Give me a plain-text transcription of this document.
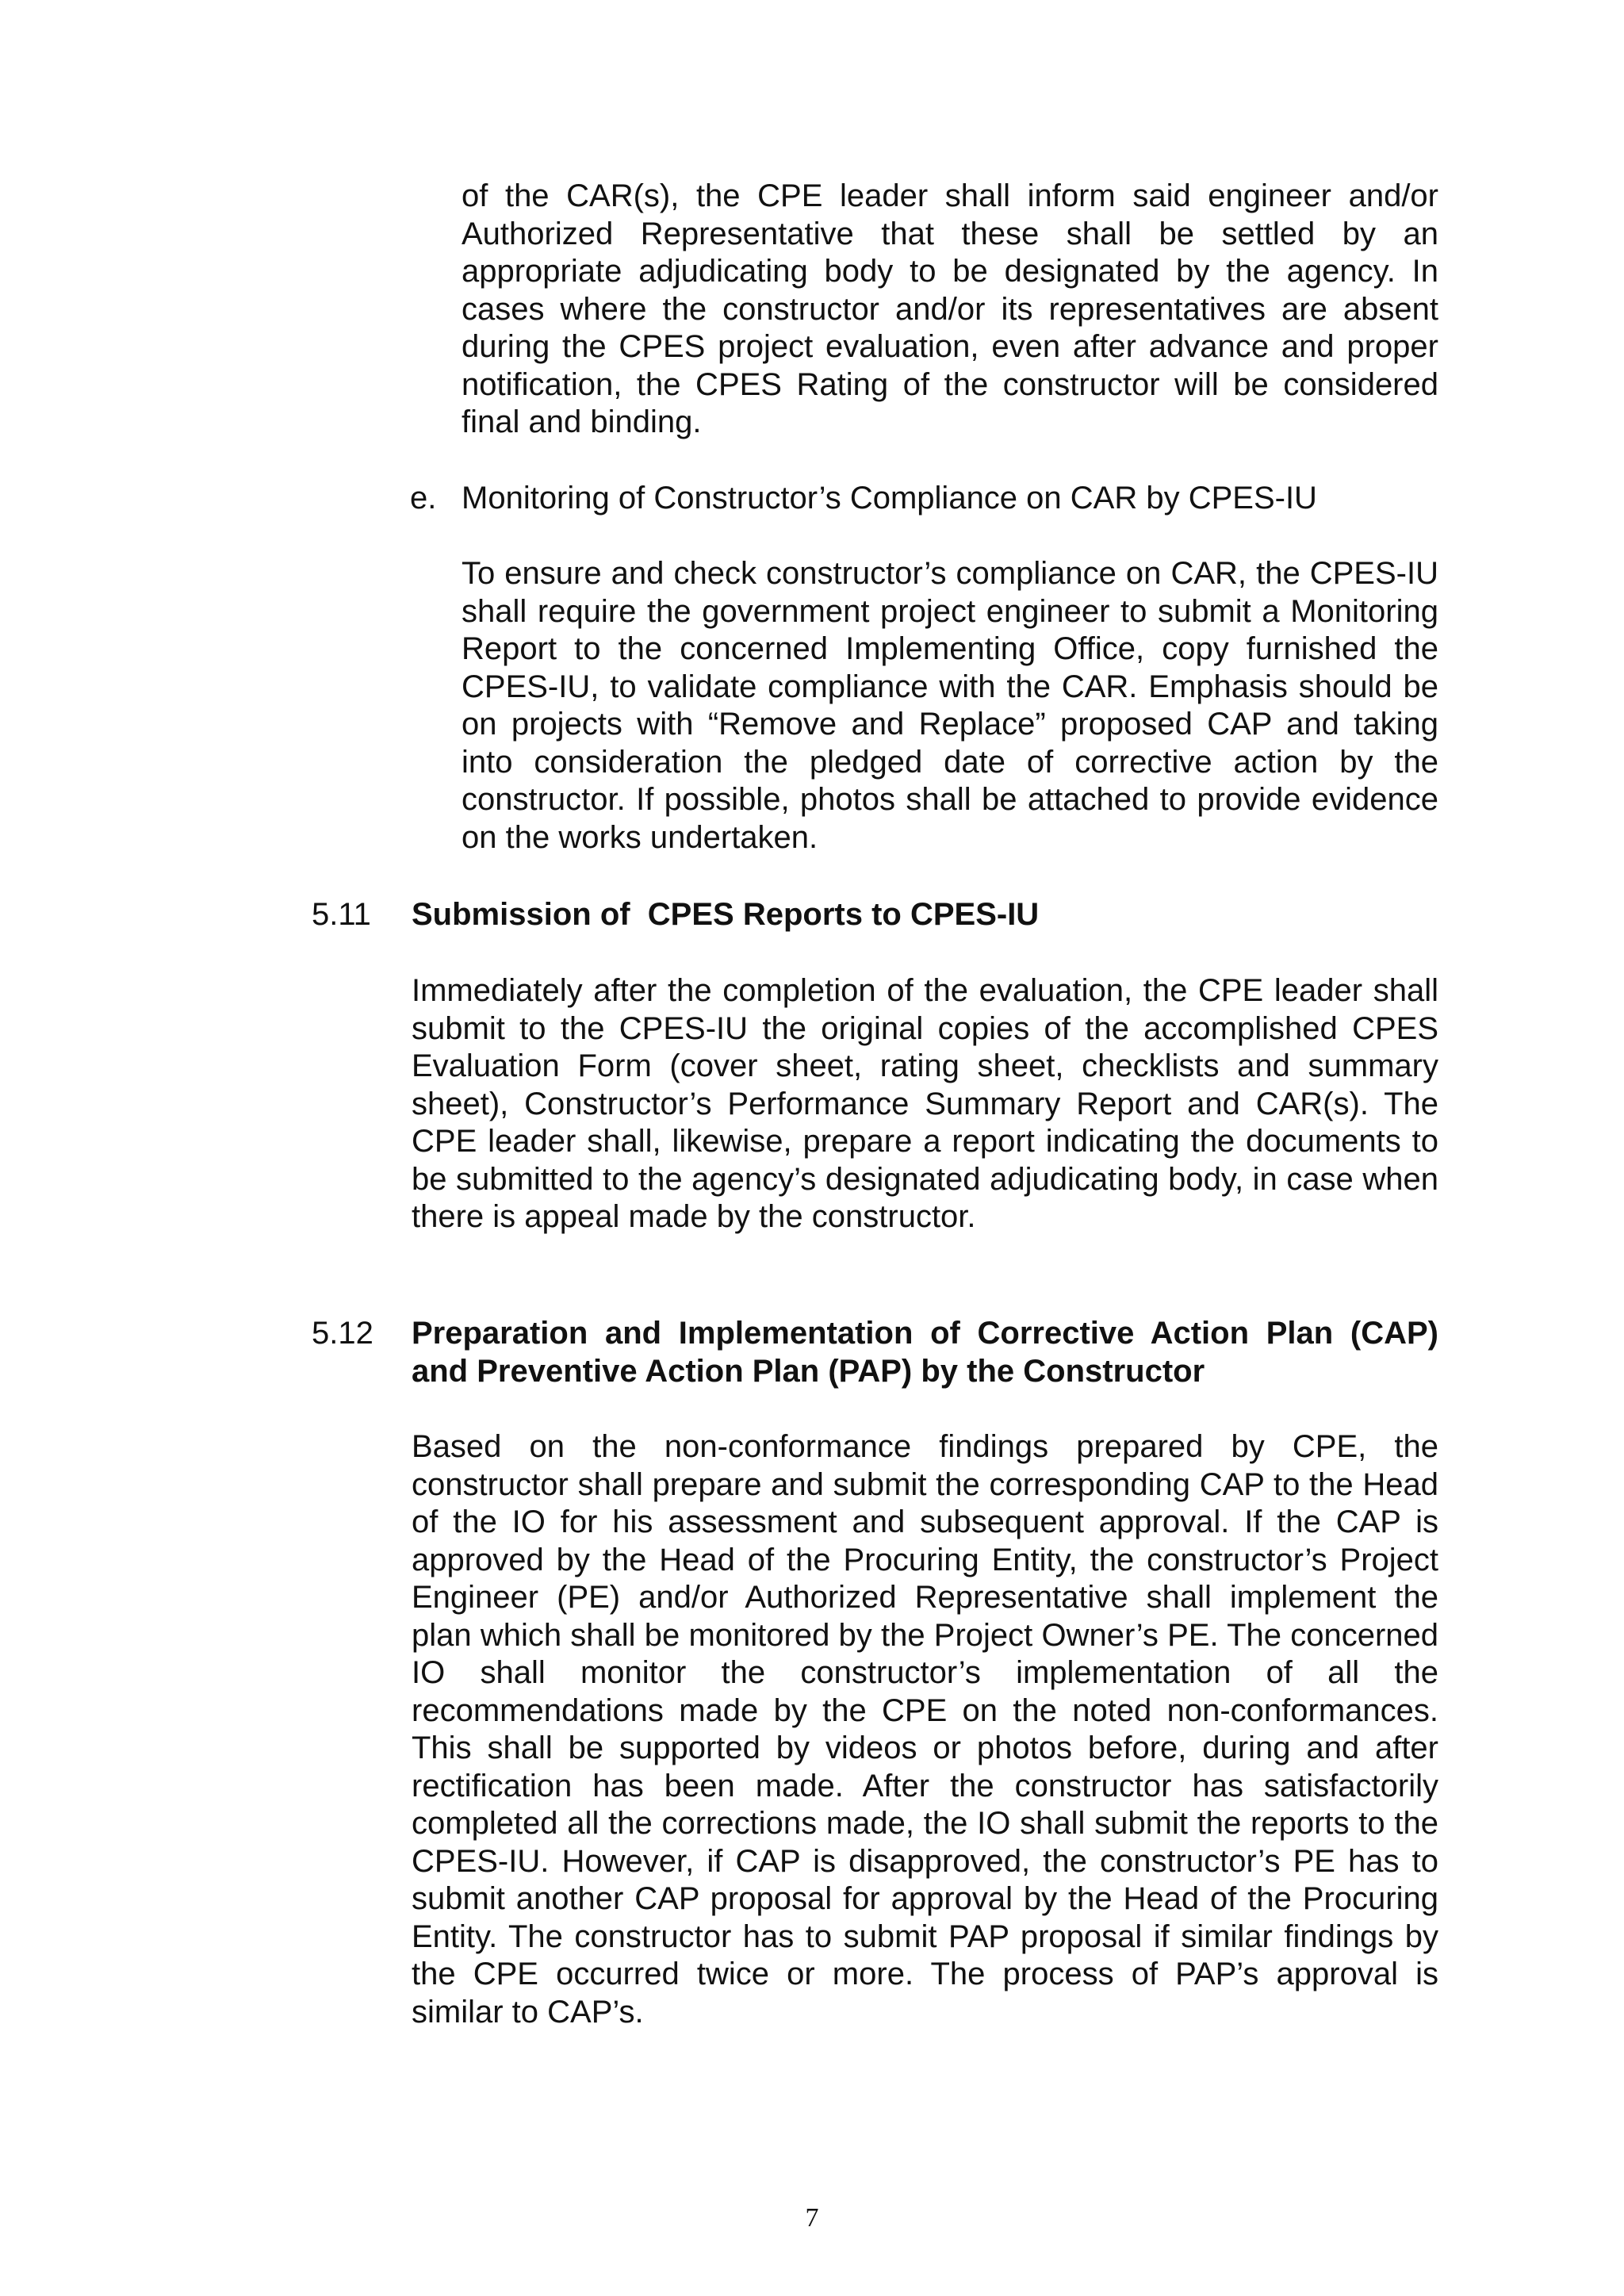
of the CAR(s), the CPE leader shall inform said engineer and/or Authorized Representative that these shall be settled by an appropriate adjudicating body to be designated by the agency. In cases where the constructor and/or its representatives are absent during the CPES project evaluation, even after advance and proper notification, the CPES Rating of the constructor will be considered final and binding.

e. Monitoring of Constructor’s Compliance on CAR by CPES-IU

To ensure and check constructor’s compliance on CAR, the CPES-IU shall require the government project engineer to submit a Monitoring Report to the concerned Implementing Office, copy furnished the CPES-IU, to validate compliance with the CAR. Emphasis should be on projects with “Remove and Replace” proposed CAP and taking into consideration the pledged date of corrective action by the constructor. If possible, photos shall be attached to provide evidence on the works undertaken.

5.11 Submission of  CPES Reports to CPES-IU

Immediately after the completion of the evaluation, the CPE leader shall submit to the CPES-IU the original copies of the accomplished CPES Evaluation Form (cover sheet, rating sheet, checklists and summary sheet), Constructor’s Performance Summary Report and CAR(s). The CPE leader shall, likewise, prepare a report indicating the documents to be submitted to the agency’s designated adjudicating body, in case when there is appeal made by the constructor.

5.12 Preparation and Implementation of Corrective Action Plan (CAP) and Preventive Action Plan (PAP) by the Constructor

Based on the non-conformance findings prepared by CPE, the constructor shall prepare and submit the corresponding CAP to the Head of the IO for his assessment and subsequent approval. If the CAP is approved by the Head of the Procuring Entity, the constructor’s Project Engineer (PE) and/or Authorized Representative shall implement the plan which shall be monitored by the Project Owner’s PE. The concerned IO shall monitor the constructor’s implementation of all the recommendations made by the CPE on the noted non-conformances. This shall be supported by videos or photos before, during and after rectification has been made. After the constructor has satisfactorily completed all the corrections made, the IO shall submit the reports to the CPES-IU. However, if CAP is disapproved, the constructor’s PE has to submit another CAP proposal for approval by the Head of the Procuring Entity. The constructor has to submit PAP proposal if similar findings by the CPE occurred twice or more. The process of PAP’s approval is similar to CAP’s.

7
